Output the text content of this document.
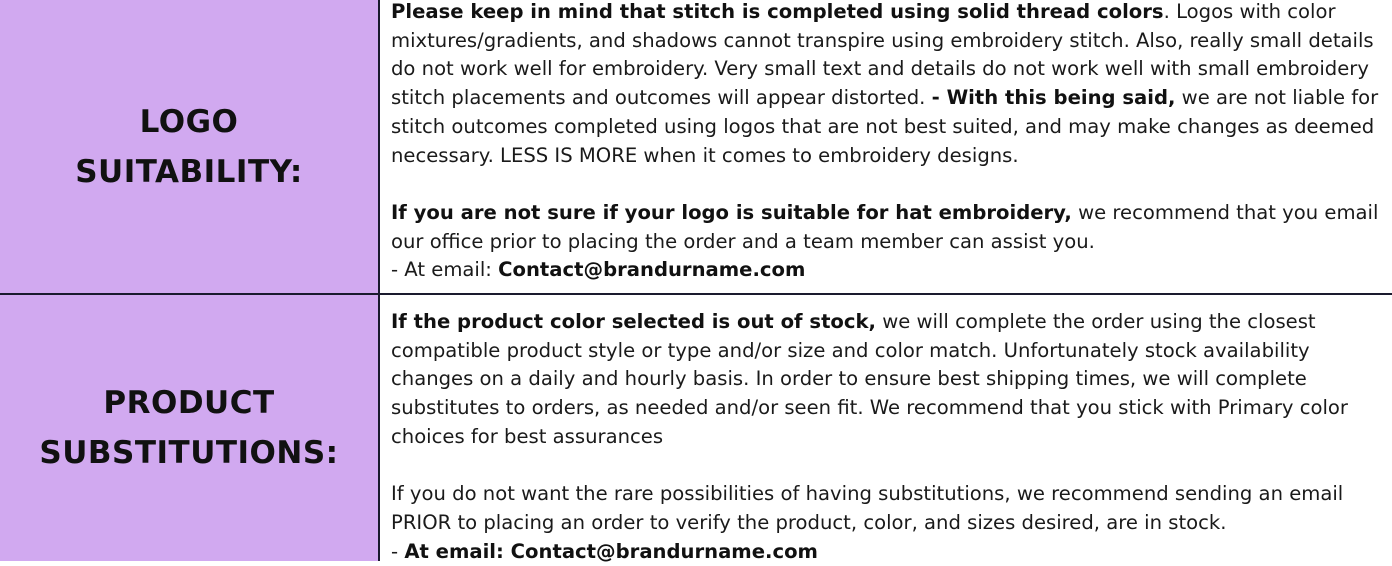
LOGO
SUITABILITY:

Please keep in mind that stitch is completed using solid thread colors. Logos with color mixtures/gradients, and shadows cannot transpire using embroidery stitch. Also, really small details do not work well for embroidery. Very small text and details do not work well with small embroidery stitch placements and outcomes will appear distorted. - With this being said, we are not liable for stitch outcomes completed using logos that are not best suited, and may make changes as deemed necessary. LESS IS MORE when it comes to embroidery designs.

If you are not sure if your logo is suitable for hat embroidery, we recommend that you email our office prior to placing the order and a team member can assist you.

- At email: Contact@brandurname.com

PRODUCT
SUBSTITUTIONS:

If the product color selected is out of stock, we will complete the order using the closest compatible product style or type and/or size and color match. Unfortunately stock availability changes on a daily and hourly basis. In order to ensure best shipping times, we will complete substitutes to orders, as needed and/or seen fit. We recommend that you stick with Primary color choices for best assurances

If you do not want the rare possibilities of having substitutions, we recommend sending an email PRIOR to placing an order to verify the product, color, and sizes desired, are in stock.

- At email: Contact@brandurname.com
